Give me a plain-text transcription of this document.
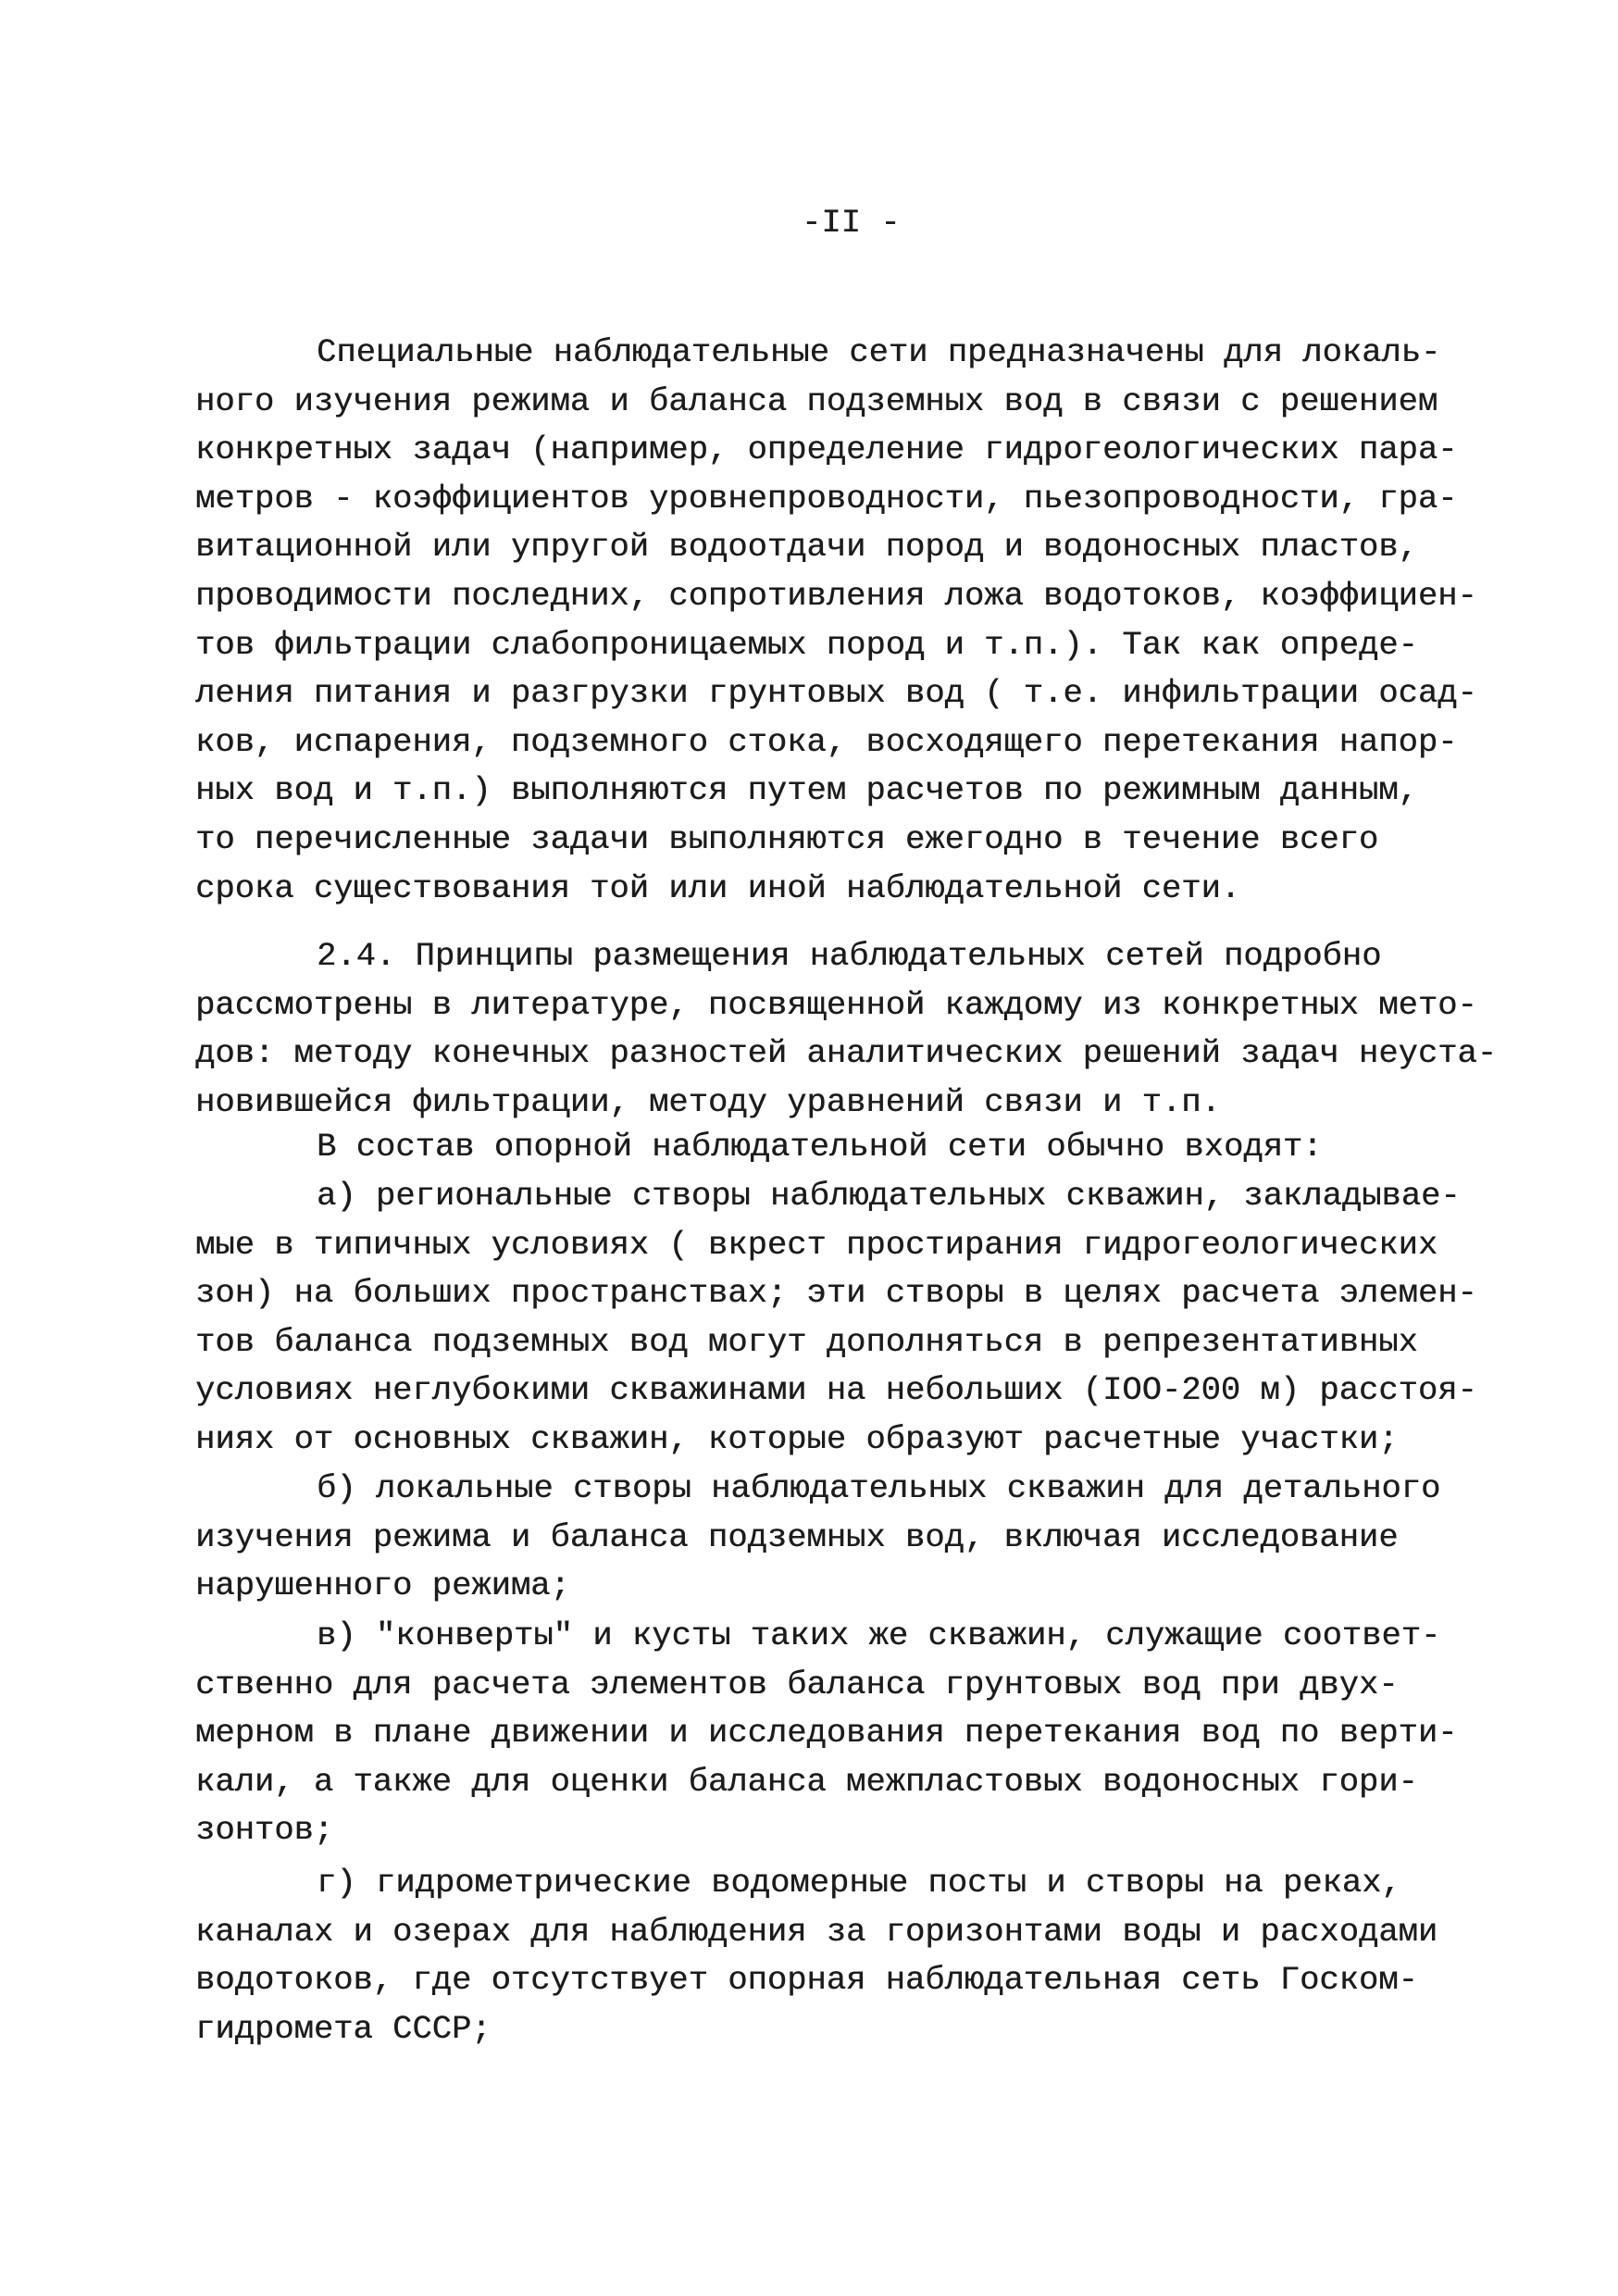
-II -
Специальные наблюдательные сети предназначены для локаль-
ного изучения режима и баланса подземных вод в связи с решением
конкретных задач (например, определение гидрогеологических пара-
метров - коэффициентов уровнепроводности, пьезопроводности, гра-
витационной или упругой водоотдачи пород и водоносных пластов,
проводимости последних, сопротивления ложа водотоков, коэффициен-
тов фильтрации слабопроницаемых пород и т.п.). Так как опреде-
ления питания и разгрузки грунтовых вод ( т.е. инфильтрации осад-
ков, испарения, подземного стока, восходящего перетекания напор-
ных вод и т.п.) выполняются путем расчетов по режимным данным,
то перечисленные задачи выполняются ежегодно в течение всего
срока существования той или иной наблюдательной сети.
2.4. Принципы размещения наблюдательных сетей подробно
рассмотрены в литературе, посвященной каждому из конкретных мето-
дов: методу конечных разностей аналитических решений задач неуста-
новившейся фильтрации, методу уравнений связи и т.п.
В состав опорной наблюдательной сети обычно входят:
а) региональные створы наблюдательных скважин, закладывае-
мые в типичных условиях ( вкрест простирания гидрогеологических
зон) на больших пространствах; эти створы в целях расчета элемен-
тов баланса подземных вод могут дополняться в репрезентативных
условиях неглубокими скважинами на небольших (IOO-200 м) расстоя-
ниях от основных скважин, которые образуют расчетные участки;
б) локальные створы наблюдательных скважин для детального
изучения режима и баланса подземных вод, включая исследование
нарушенного режима;
в) "конверты" и кусты таких же скважин, служащие соответ-
ственно для расчета элементов баланса грунтовых вод при двух-
мерном в плане движении и исследования перетекания вод по верти-
кали, а также для оценки баланса межпластовых водоносных гори-
зонтов;
г) гидрометрические водомерные посты и створы на реках,
каналах и озерах для наблюдения за горизонтами воды и расходами
водотоков, где отсутствует опорная наблюдательная сеть Госком-
гидромета СССР;
